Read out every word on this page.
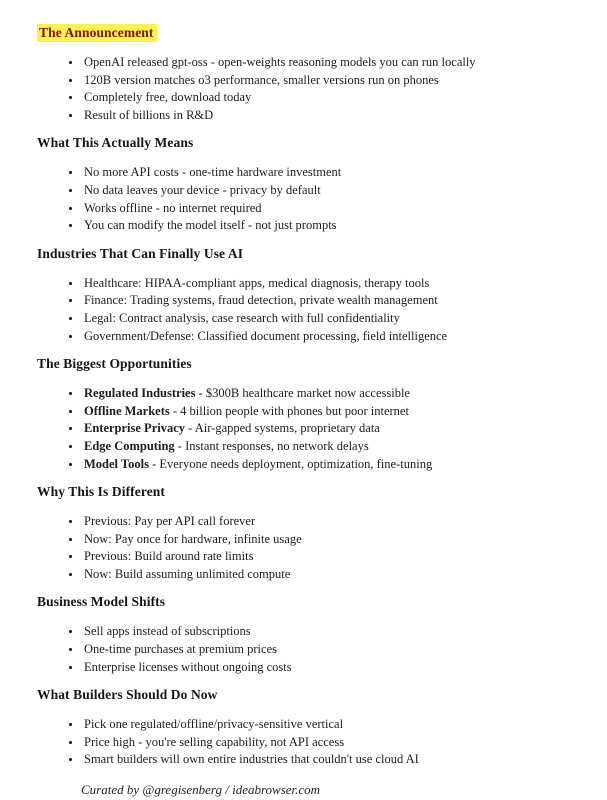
The Announcement
• OpenAI released gpt-oss - open-weights reasoning models you can run locally
• 120B version matches o3 performance, smaller versions run on phones
• Completely free, download today
• Result of billions in R&D
What This Actually Means
• No more API costs - one-time hardware investment
• No data leaves your device - privacy by default
• Works offline - no internet required
• You can modify the model itself - not just prompts
Industries That Can Finally Use AI
• Healthcare: HIPAA-compliant apps, medical diagnosis, therapy tools
• Finance: Trading systems, fraud detection, private wealth management
• Legal: Contract analysis, case research with full confidentiality
• Government/Defense: Classified document processing, field intelligence
The Biggest Opportunities
• Regulated Industries - $300B healthcare market now accessible
• Offline Markets - 4 billion people with phones but poor internet
• Enterprise Privacy - Air-gapped systems, proprietary data
• Edge Computing - Instant responses, no network delays
• Model Tools - Everyone needs deployment, optimization, fine-tuning
Why This Is Different
• Previous: Pay per API call forever
• Now: Pay once for hardware, infinite usage
• Previous: Build around rate limits
• Now: Build assuming unlimited compute
Business Model Shifts
• Sell apps instead of subscriptions
• One-time purchases at premium prices
• Enterprise licenses without ongoing costs
What Builders Should Do Now
• Pick one regulated/offline/privacy-sensitive vertical
• Price high - you're selling capability, not API access
• Smart builders will own entire industries that couldn't use cloud AI

Curated by @gregisenberg / ideabrowser.com
